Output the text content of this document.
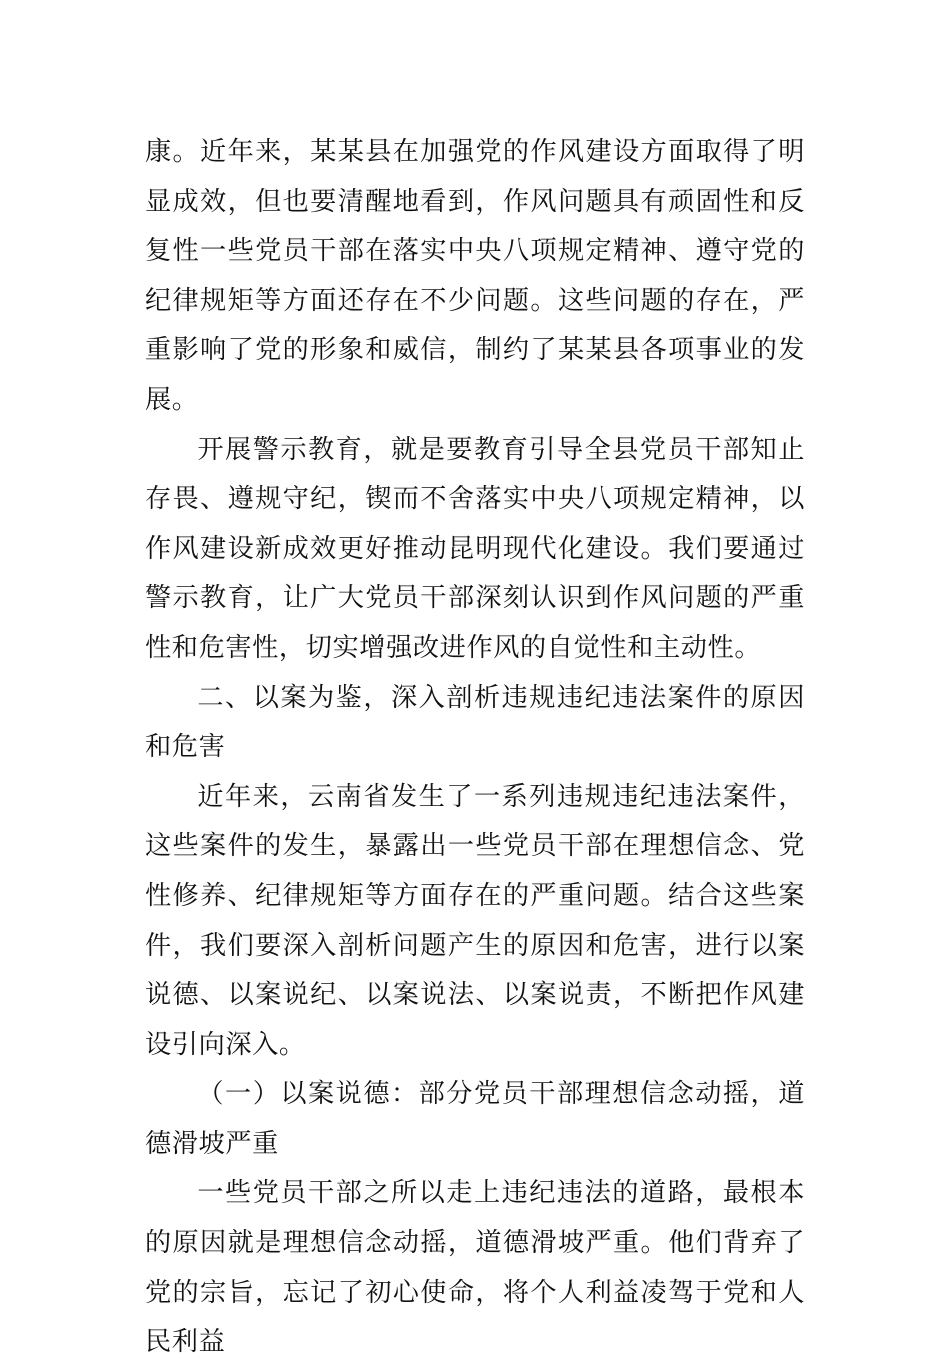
康。近年来，某某县在加强党的作风建设方面取得了明显成效，但也要清醒地看到，作风问题具有顽固性和反复性一些党员干部在落实中央八项规定精神、遵守党的纪律规矩等方面还存在不少问题。这些问题的存在，严重影响了党的形象和威信，制约了某某县各项事业的发展。

开展警示教育，就是要教育引导全县党员干部知止存畏、遵规守纪，锲而不舍落实中央八项规定精神，以作风建设新成效更好推动昆明现代化建设。我们要通过警示教育，让广大党员干部深刻认识到作风问题的严重性和危害性，切实增强改进作风的自觉性和主动性。

二、以案为鉴，深入剖析违规违纪违法案件的原因和危害

近年来，云南省发生了一系列违规违纪违法案件，这些案件的发生，暴露出一些党员干部在理想信念、党性修养、纪律规矩等方面存在的严重问题。结合这些案件，我们要深入剖析问题产生的原因和危害，进行以案说德、以案说纪、以案说法、以案说责，不断把作风建设引向深入。

（一）以案说德：部分党员干部理想信念动摇，道德滑坡严重

一些党员干部之所以走上违纪违法的道路，最根本的原因就是理想信念动摇，道德滑坡严重。他们背弃了党的宗旨，忘记了初心使命，将个人利益凌驾于党和人民利益
